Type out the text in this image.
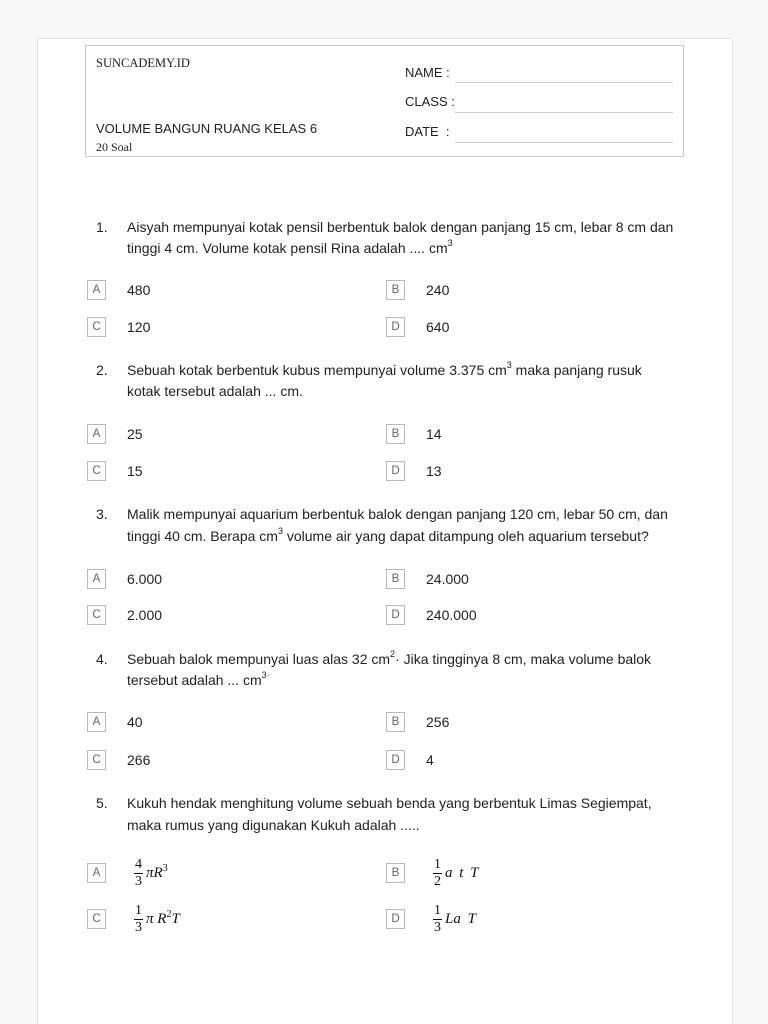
SUNCADEMY.ID
VOLUME BANGUN RUANG KELAS 6
20 Soal
NAME :
CLASS :
DATE  :
1. Aisyah mempunyai kotak pensil berbentuk balok dengan panjang 15 cm, lebar 8 cm dan
tinggi 4 cm. Volume kotak pensil Rina adalah .... $cm^3$
A	480	B	240
C	120	D	640
2. Sebuah kotak berbentuk kubus mempunyai volume 3.375 $cm^3$ maka panjang rusuk
kotak tersebut adalah ... cm.
A	25	B	14
C	15	D	13
3. Malik mempunyai aquarium berbentuk balok dengan panjang 120 cm, lebar 50 cm, dan
tinggi 40 cm. Berapa $cm^3$ volume air yang dapat ditampung oleh aquarium tersebut?
A	6.000	B	24.000
C	2.000	D	240.000
4. Sebuah balok mempunyai luas alas 32 $cm^2\cdot$ Jika tingginya 8 cm, maka volume balok
tersebut adalah ... $cm^{3\cdot}$
A	40	B	256
C	266	D	4
5. Kukuh hendak menghitung volume sebuah benda yang berbentuk Limas Segiempat,
maka rumus yang digunakan Kukuh adalah .....
A	$\frac{4}{3} \pi R^3$	B	$\frac{1}{2}$ a t T
C	$\frac{1}{3}$ π $R^2$ T	D	$\frac{1}{3}$ La T
